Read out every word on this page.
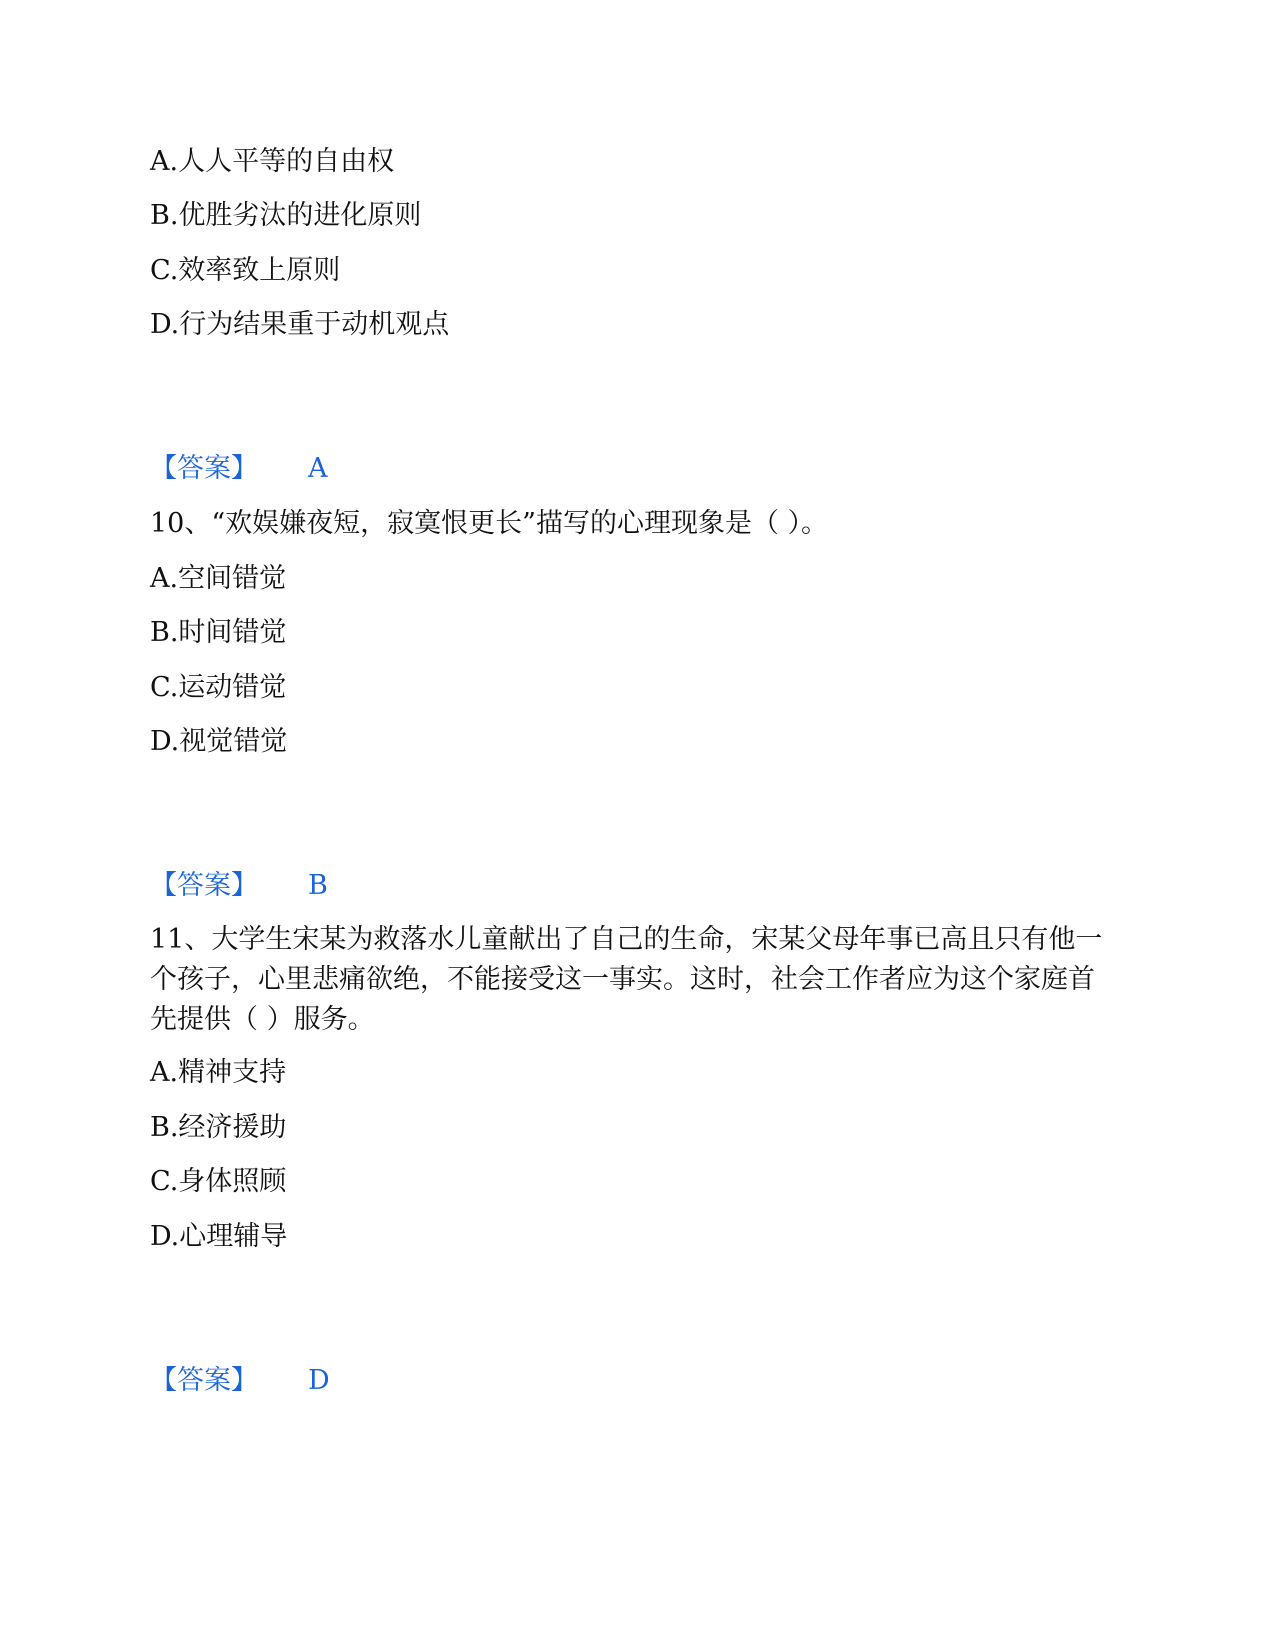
A.人人平等的自由权
B.优胜劣汰的进化原则
C.效率致上原则
D.行为结果重于动机观点
【答案】 A
10、“欢娱嫌夜短，寂寞恨更长”描写的心理现象是（ ）。
A.空间错觉
B.时间错觉
C.运动错觉
D.视觉错觉
【答案】 B
11、大学生宋某为救落水儿童献出了自己的生命，宋某父母年事已高且只有他一个孩子，心里悲痛欲绝，不能接受这一事实。这时，社会工作者应为这个家庭首先提供（ ）服务。
A.精神支持
B.经济援助
C.身体照顾
D.心理辅导
【答案】 D
